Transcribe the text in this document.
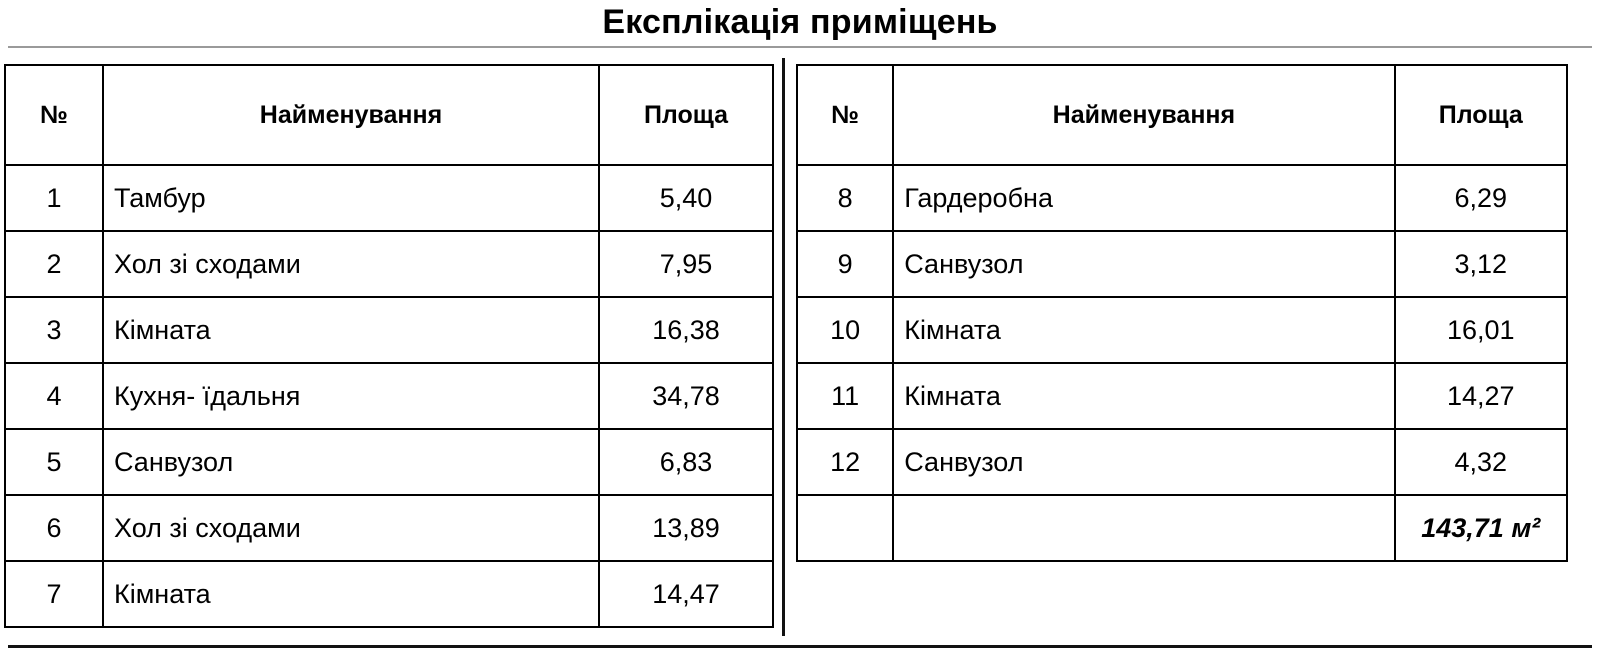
Експлікація приміщень
№	Найменування	Площа
1	Тамбур	5,40
2	Хол зі сходами	7,95
3	Кімната	16,38
4	Кухня- їдальня	34,78
5	Санвузол	6,83
6	Хол зі сходами	13,89
7	Кімната	14,47
№	Найменування	Площа
8	Гардеробна	6,29
9	Санвузол	3,12
10	Кімната	16,01
11	Кімната	14,27
12	Санвузол	4,32
		143,71 м²
